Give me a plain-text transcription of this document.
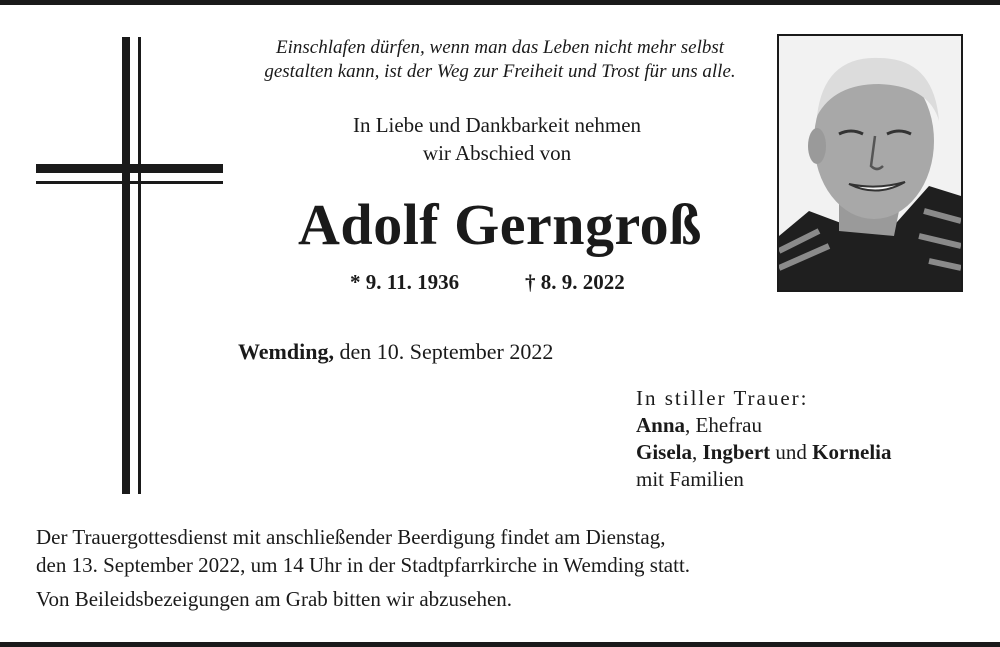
Einschlafen dürfen, wenn man das Leben nicht mehr selbst
gestalten kann, ist der Weg zur Freiheit und Trost für uns alle.
In Liebe und Dankbarkeit nehmen
wir Abschied von
Adolf Gerngroß
* 9. 11. 1936	† 8. 9. 2022
Wemding, den 10. September 2022
In stiller Trauer:
Anna, Ehefrau
Gisela, Ingbert und Kornelia
mit Familien

Der Trauergottesdienst mit anschließender Beerdigung findet am Dienstag,

den 13. September 2022, um 14 Uhr in der Stadtpfarrkirche in Wemding statt.

Von Beileidsbezeigungen am Grab bitten wir abzusehen.
